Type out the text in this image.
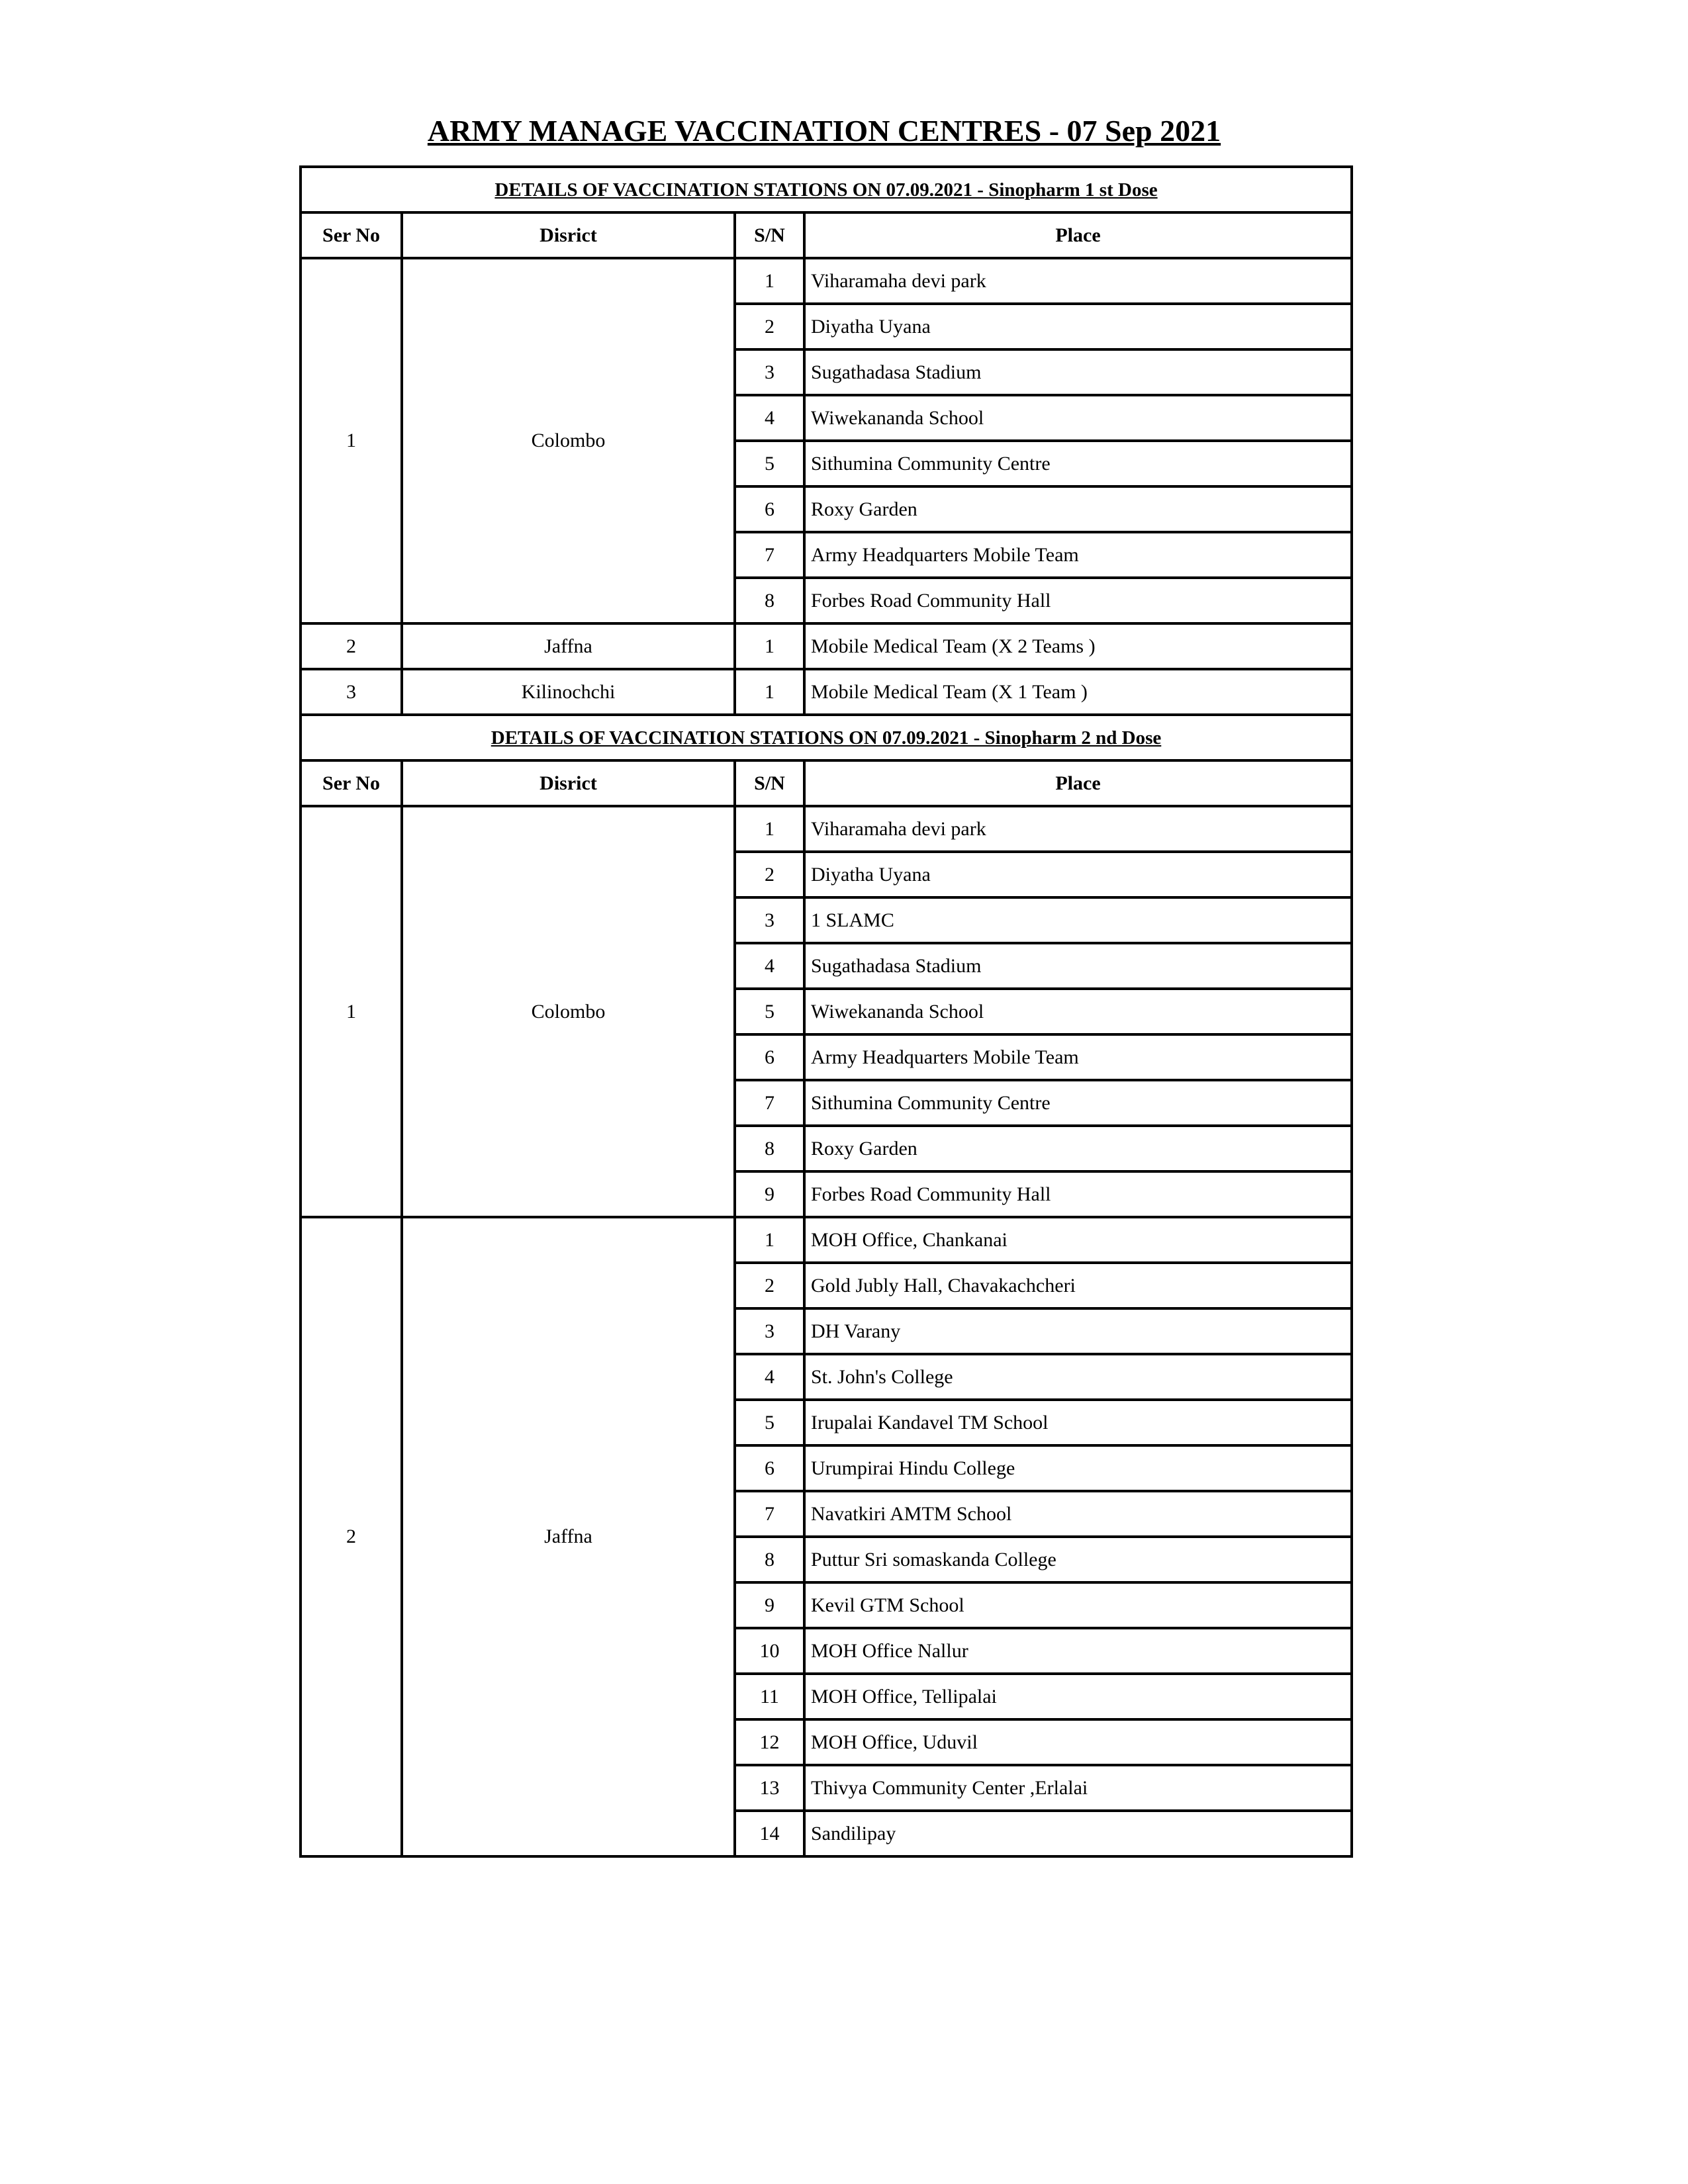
ARMY MANAGE VACCINATION CENTRES - 07 Sep 2021
DETAILS OF VACCINATION STATIONS ON 07.09.2021 - Sinopharm 1 st Dose			
Ser No	Disrict	S/N	Place
1	Colombo	1	Viharamaha devi park
		2	Diyatha Uyana
		3	Sugathadasa Stadium
		4	Wiwekananda School
		5	Sithumina Community Centre
		6	Roxy Garden
		7	Army Headquarters Mobile Team
		8	Forbes Road Community Hall
2	Jaffna	1	Mobile Medical Team (X 2 Teams )
3	Kilinochchi	1	Mobile Medical Team (X 1 Team )
DETAILS OF VACCINATION STATIONS ON 07.09.2021 - Sinopharm 2 nd Dose			
Ser No	Disrict	S/N	Place
1	Colombo	1	Viharamaha devi park
		2	Diyatha Uyana
		3	1 SLAMC
		4	Sugathadasa Stadium
		5	Wiwekananda School
		6	Army Headquarters Mobile Team
		7	Sithumina Community Centre
		8	Roxy Garden
		9	Forbes Road Community Hall
2	Jaffna	1	MOH Office, Chankanai
		2	Gold Jubly Hall, Chavakachcheri
		3	DH Varany
		4	St. John's College
		5	Irupalai Kandavel TM School
		6	Urumpirai Hindu College
		7	Navatkiri AMTM School
		8	Puttur Sri somaskanda College
		9	Kevil GTM School
		10	MOH Office Nallur
		11	MOH Office, Tellipalai
		12	MOH Office, Uduvil
		13	Thivya Community Center ,Erlalai
		14	Sandilipay
